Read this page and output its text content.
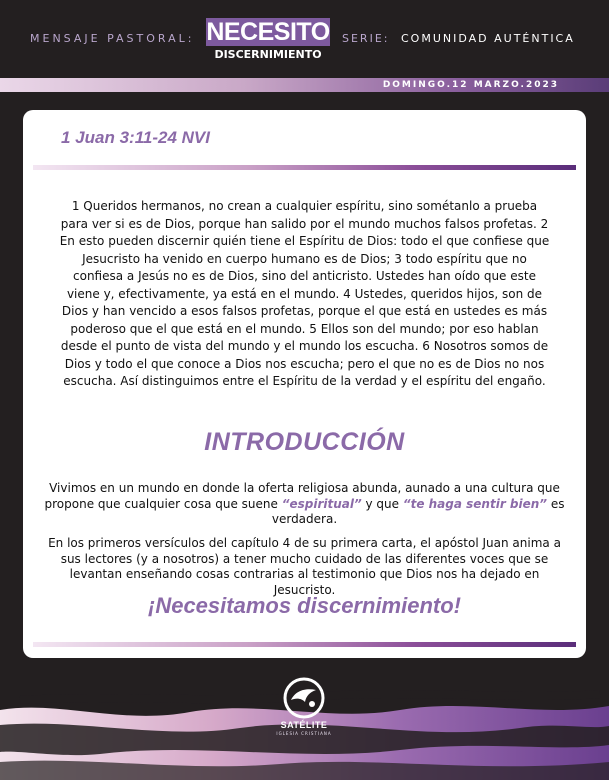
MENSAJE PASTORAL: NECESITO
DISCERNIMIENTO
SERIE: COMUNIDAD AUTÉNTICA
DOMINGO.12 MARZO.2023
1 Juan 3:11-24 NVI

1 Queridos hermanos, no crean a cualquier espíritu, sino sométanlo a prueba para ver si es de Dios, porque han salido por el mundo muchos falsos profetas. 2 En esto pueden discernir quién tiene el Espíritu de Dios: todo el que confiese que Jesucristo ha venido en cuerpo humano es de Dios; 3 todo espíritu que no confiesa a Jesús no es de Dios, sino del anticristo. Ustedes han oído que este viene y, efectivamente, ya está en el mundo. 4 Ustedes, queridos hijos, son de Dios y han vencido a esos falsos profetas, porque el que está en ustedes es más poderoso que el que está en el mundo. 5 Ellos son del mundo; por eso hablan desde el punto de vista del mundo y el mundo los escucha. 6 Nosotros somos de Dios y todo el que conoce a Dios nos escucha; pero el que no es de Dios no nos escucha. Así distinguimos entre el Espíritu de la verdad y el espíritu del engaño.

INTRODUCCIÓN

Vivimos en un mundo en donde la oferta religiosa abunda, aunado a una cultura que propone que cualquier cosa que suene “espiritual” y que “te haga sentir bien” es verdadera.

En los primeros versículos del capítulo 4 de su primera carta, el apóstol Juan anima a sus lectores (y a nosotros) a tener mucho cuidado de las diferentes voces que se levantan enseñando cosas contrarias al testimonio que Dios nos ha dejado en Jesucristo.

¡Necesitamos discernimiento!
SATÉLITE
IGLESIA CRISTIANA
